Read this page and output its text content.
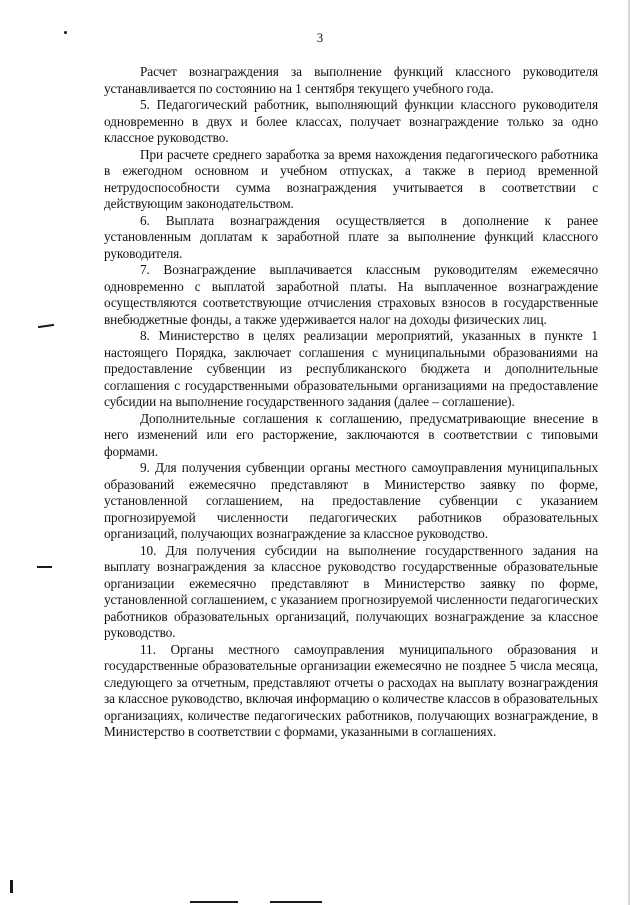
3

Расчет вознаграждения за выполнение функций классного руководителя устанавливается по состоянию на 1 сентября текущего учебного года.

5. Педагогический работник, выполняющий функции классного руководителя одновременно в двух и более классах, получает вознаграждение только за одно классное руководство.

При расчете среднего заработка за время нахождения педагогического работника в ежегодном основном и учебном отпусках, а также в период временной нетрудоспособности сумма вознаграждения учитывается в соответствии с действующим законодательством.

6. Выплата вознаграждения осуществляется в дополнение к ранее установленным доплатам к заработной плате за выполнение функций классного руководителя.

7. Вознаграждение выплачивается классным руководителям ежемесячно одновременно с выплатой заработной платы. На выплаченное вознаграждение осуществляются соответствующие отчисления страховых взносов в государственные внебюджетные фонды, а также удерживается налог на доходы физических лиц.

8. Министерство в целях реализации мероприятий, указанных в пункте 1 настоящего Порядка, заключает соглашения с муниципальными образованиями на предоставление субвенции из республиканского бюджета и дополнительные соглашения с государственными образовательными организациями на предоставление субсидии на выполнение государственного задания (далее – соглашение).

Дополнительные соглашения к соглашению, предусматривающие внесение в него изменений или его расторжение, заключаются в соответствии с типовыми формами.

9. Для получения субвенции органы местного самоуправления муниципальных образований ежемесячно представляют в Министерство заявку по форме, установленной соглашением, на предоставление субвенции с указанием прогнозируемой численности педагогических работников образовательных организаций, получающих вознаграждение за классное руководство.

10. Для получения субсидии на выполнение государственного задания на выплату вознаграждения за классное руководство государственные образовательные организации ежемесячно представляют в Министерство заявку по форме, установленной соглашением, с указанием прогнозируемой численности педагогических работников образовательных организаций, получающих вознаграждение за классное руководство.

11. Органы местного самоуправления муниципального образования и государственные образовательные организации ежемесячно не позднее 5 числа месяца, следующего за отчетным, представляют отчеты о расходах на выплату вознаграждения за классное руководство, включая информацию о количестве классов в образовательных организациях, количестве педагогических работников, получающих вознаграждение, в Министерство в соответствии с формами, указанными в соглашениях.
